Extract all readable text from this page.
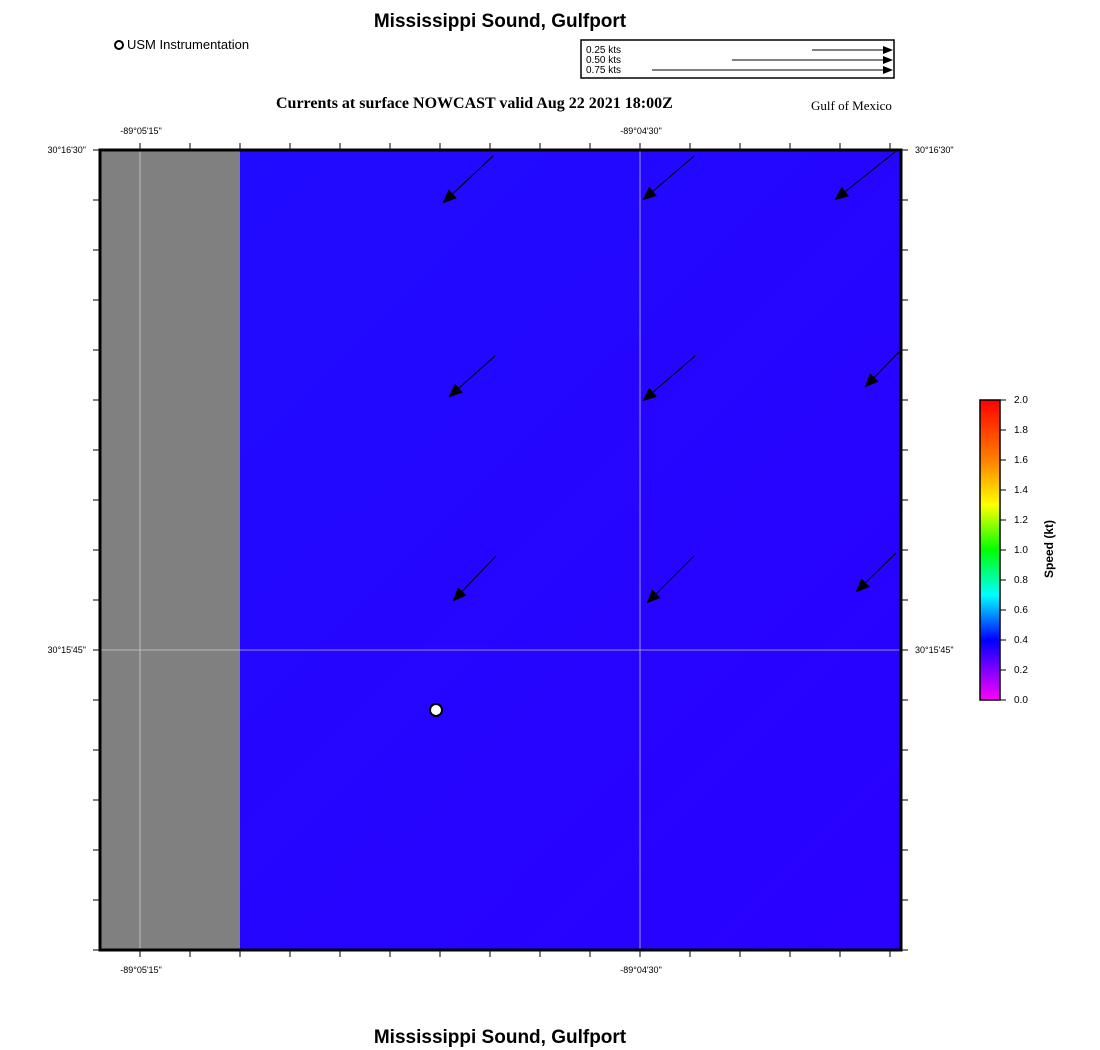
Mississippi Sound, Gulfport
USM Instrumentation
Currents at surface NOWCAST valid Aug 22 2021 18:00Z	Gulf of Mexico
0.25 kts
0.50 kts
0.75 kts
-89°05'15"	-89°04'30"
-89°05'15"	-89°04'30"
30°16'30"
30°15'45"
30°16'30"
30°15'45"
2.0
1.8
1.6
1.4
1.2
1.0
0.8
0.6
0.4
0.2
0.0
Speed (kt)
Mississippi Sound, Gulfport
